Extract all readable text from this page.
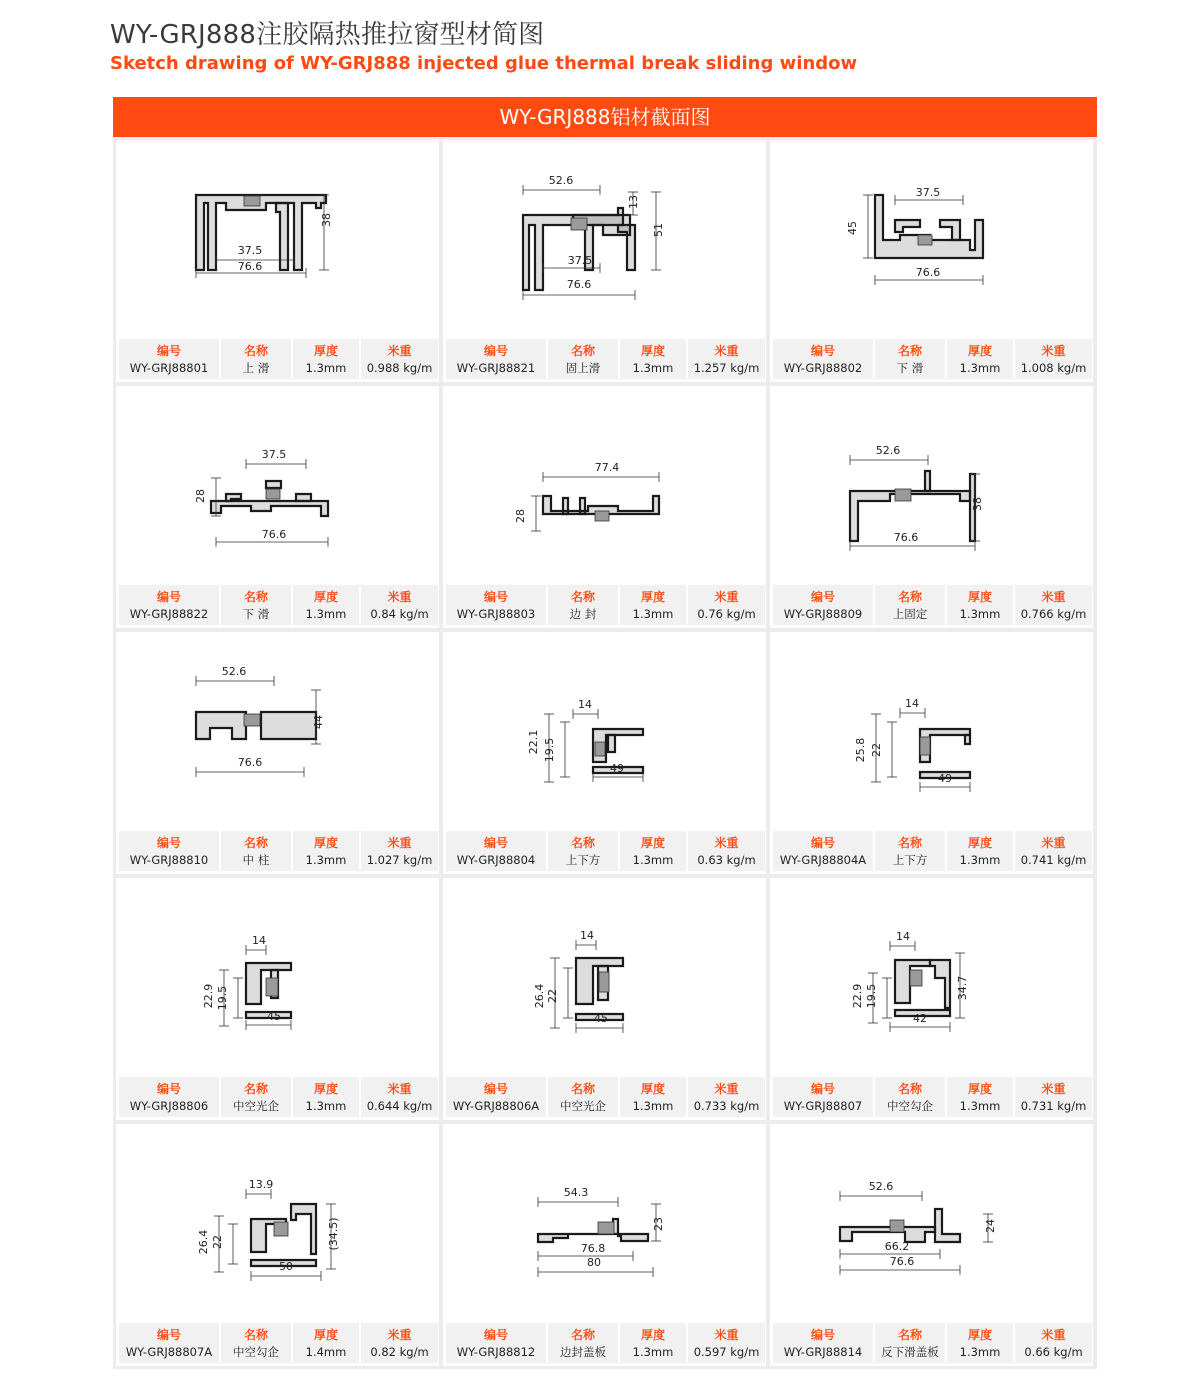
WY-GRJ888注胶隔热推拉窗型材简图
Sketch drawing of WY-GRJ888 injected glue thermal break sliding window
WY-GRJ888铝材截面图
38
37.5
76.6
编号
WY-GRJ88801
名称
上 滑
厚度
1.3mm
米重
0.988 kg/m
52.6
13
51
37.5
76.6
编号
WY-GRJ88821
名称
固上滑
厚度
1.3mm
米重
1.257 kg/m
37.5
45
76.6
编号
WY-GRJ88802
名称
下 滑
厚度
1.3mm
米重
1.008 kg/m
37.5
28
76.6
编号
WY-GRJ88822
名称
下 滑
厚度
1.3mm
米重
0.84 kg/m
77.4
28
编号
WY-GRJ88803
名称
边 封
厚度
1.3mm
米重
0.76 kg/m
52.6
38
76.6
编号
WY-GRJ88809
名称
上固定
厚度
1.3mm
米重
0.766 kg/m
52.6
44
76.6
编号
WY-GRJ88810
名称
中 柱
厚度
1.3mm
米重
1.027 kg/m
14
22.1 19.5
49
编号
WY-GRJ88804
名称
上下方
厚度
1.3mm
米重
0.63 kg/m
14
25.8 22
49
编号
WY-GRJ88804A
名称
上下方
厚度
1.3mm
米重
0.741 kg/m
14
22.9 19.5
45
编号
WY-GRJ88806
名称
中空光企
厚度
1.3mm
米重
0.644 kg/m
14
26.4 22
45
编号
WY-GRJ88806A
名称
中空光企
厚度
1.3mm
米重
0.733 kg/m
14
22.9 19.5	34.7
42
编号
WY-GRJ88807
名称
中空勾企
厚度
1.3mm
米重
0.731 kg/m
13.9
26.4 22	(34.5)
50
编号
WY-GRJ88807A
名称
中空勾企
厚度
1.4mm
米重
0.82 kg/m
54.3
23
76.8
80
编号
WY-GRJ88812
名称
边封盖板
厚度
1.3mm
米重
0.597 kg/m
52.6
24
66.2
76.6
编号
WY-GRJ88814
名称
反下滑盖板
厚度
1.3mm
米重
0.66 kg/m
